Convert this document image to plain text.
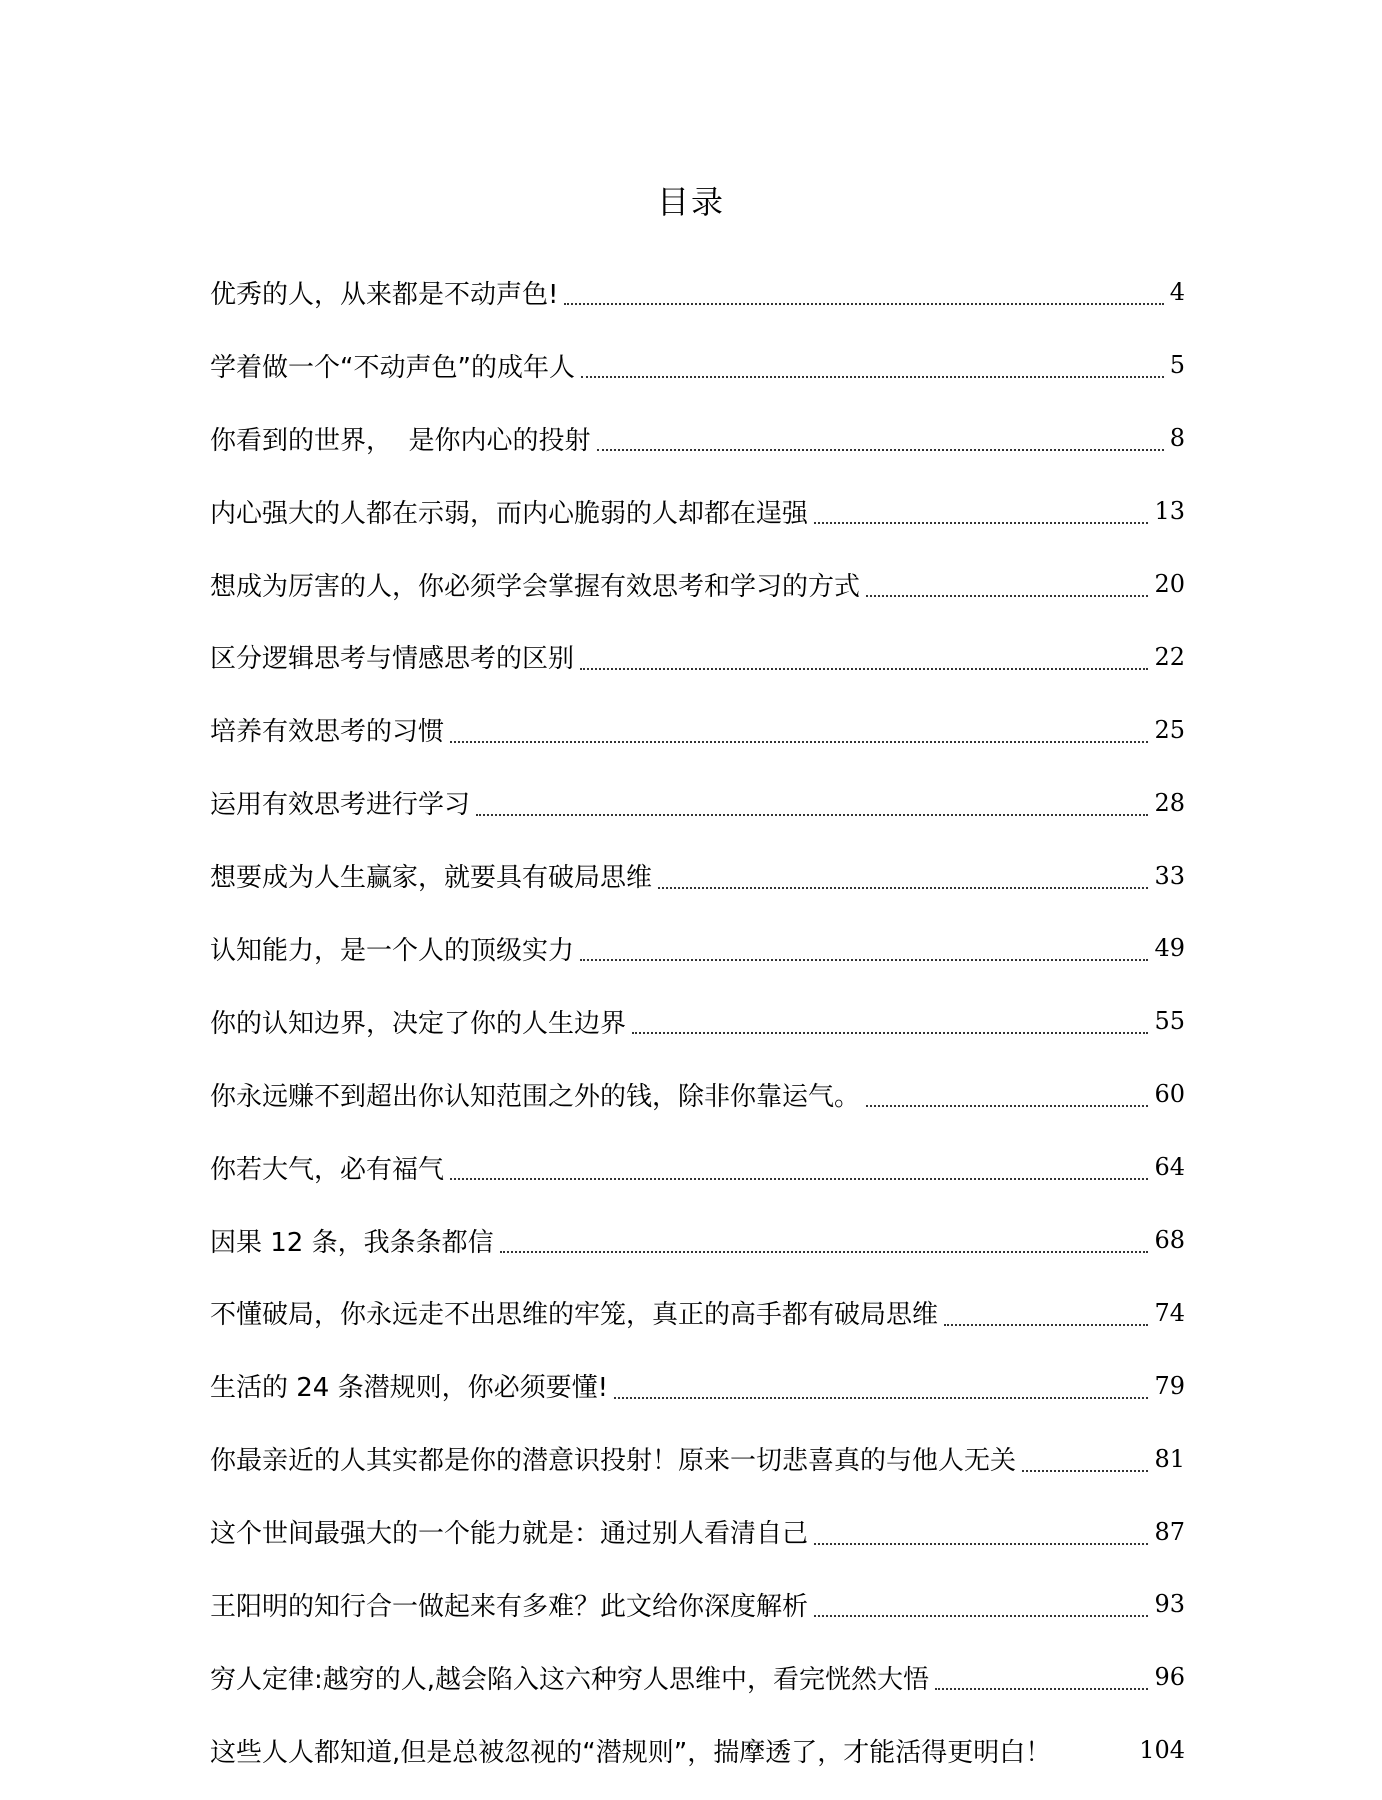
目录
优秀的人，从来都是不动声色!	4
学着做一个“不动声色”的成年人	5
你看到的世界，  是你内心的投射	8
内心强大的人都在示弱，而内心脆弱的人却都在逞强	13
想成为厉害的人，你必须学会掌握有效思考和学习的方式	20
区分逻辑思考与情感思考的区别	22
培养有效思考的习惯	25
运用有效思考进行学习	28
想要成为人生赢家，就要具有破局思维	33
认知能力，是一个人的顶级实力	49
你的认知边界，决定了你的人生边界	55
你永远赚不到超出你认知范围之外的钱，除非你靠运气。	60
你若大气，必有福气	64
因果 12 条，我条条都信	68
不懂破局，你永远走不出思维的牢笼，真正的高手都有破局思维	74
生活的 24 条潜规则，你必须要懂!	79
你最亲近的人其实都是你的潜意识投射！原来一切悲喜真的与他人无关	81
这个世间最强大的一个能力就是：通过别人看清自己	87
王阳明的知行合一做起来有多难？此文给你深度解析	93
穷人定律:越穷的人,越会陷入这六种穷人思维中，看完恍然大悟	96
这些人人都知道,但是总被忽视的“潜规则”，揣摩透了，才能活得更明白！	104
